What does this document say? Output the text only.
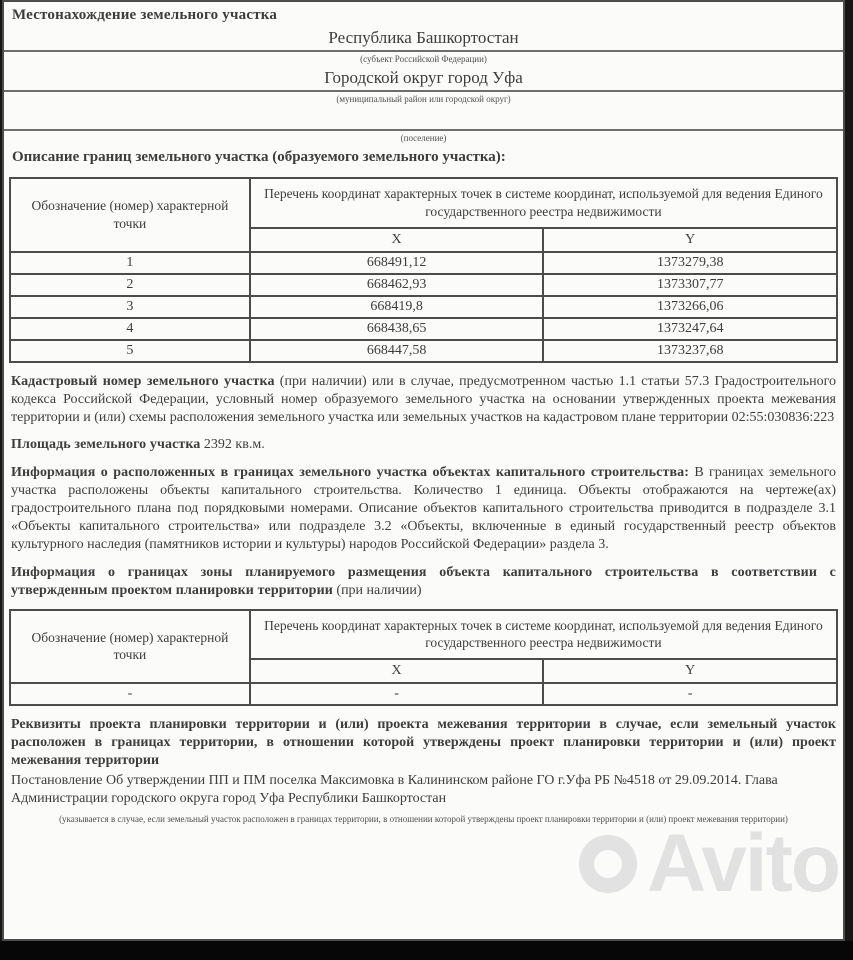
Местонахождение земельного участка
Республика Башкортостан
(субъект Российской Федерации)
Городской округ город Уфа
(муниципальный район или городской округ)
(поселение)
Описание границ земельного участка (образуемого земельного участка):
Обозначение (номер) характерной точки	Перечень координат характерных точек в системе координат, используемой для ведения Единого государственного реестра недвижимости	
	X	Y
1	668491,12	1373279,38
2	668462,93	1373307,77
3	668419,8	1373266,06
4	668438,65	1373247,64
5	668447,58	1373237,68
Кадастровый номер земельного участка (при наличии) или в случае, предусмотренном частью 1.1 статьи 57.3 Градостроительного кодекса Российской Федерации, условный номер образуемого земельного участка на основании утвержденных проекта межевания территории и (или) схемы расположения земельного участка или земельных участков на кадастровом плане территории 02:55:030836:223
Площадь земельного участка 2392 кв.м.
Информация о расположенных в границах земельного участка объектах капитального строительства: В границах земельного участка расположены объекты капитального строительства. Количество 1 единица. Объекты отображаются на чертеже(ах) градостроительного плана под порядковыми номерами. Описание объектов капитального строительства приводится в подразделе 3.1 «Объекты капитального строительства» или подразделе 3.2 «Объекты, включенные в единый государственный реестр объектов культурного наследия (памятников истории и культуры) народов Российской Федерации» раздела 3.
Информация о границах зоны планируемого размещения объекта капитального строительства в соответствии с утвержденным проектом планировки территории (при наличии)
Обозначение (номер) характерной точки	Перечень координат характерных точек в системе координат, используемой для ведения Единого государственного реестра недвижимости	
	X	Y
-	-	-
Реквизиты проекта планировки территории и (или) проекта межевания территории в случае, если земельный участок расположен в границах территории, в отношении которой утверждены проект планировки территории и (или) проект межевания территории
Постановление Об утверждении ПП и ПМ поселка Максимовка в Калининском районе ГО г.Уфа РБ №4518 от 29.09.2014. Глава Администрации городского округа город Уфа Республики Башкортостан
(указывается в случае, если земельный участок расположен в границах территории, в отношении которой утверждены проект планировки территории и (или) проект межевания территории)
Avito
